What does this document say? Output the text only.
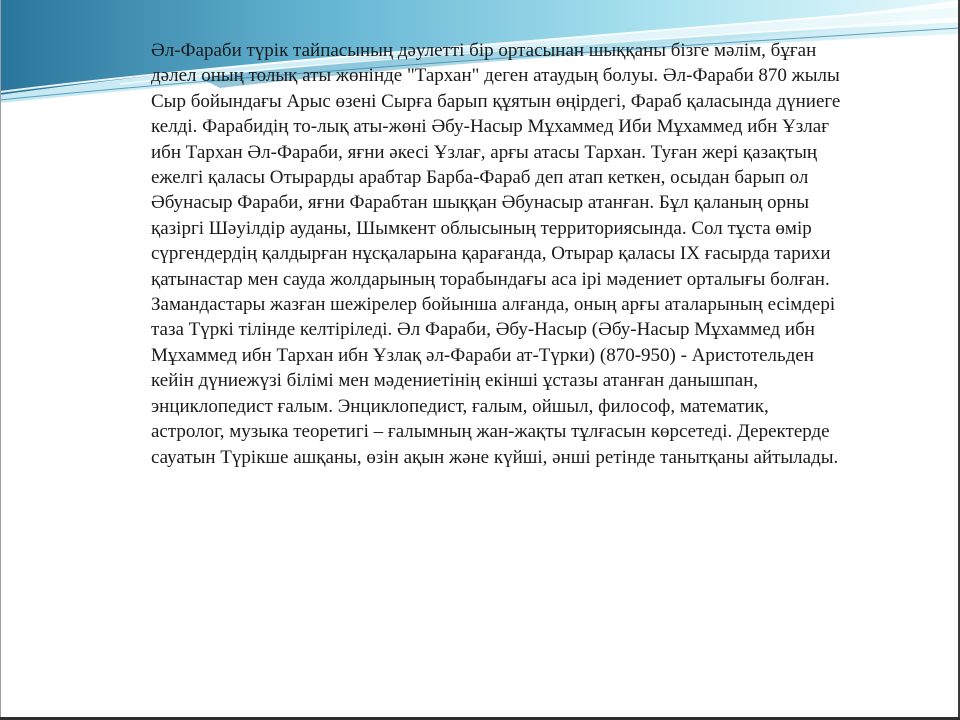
Әл-Фараби түрік тайпасының дәулетті бір ортасынан шыққаны бізге мәлім, бұған
дәлел оның толық аты жөнінде "Тархан" деген атаудың болуы. Әл-Фараби 870 жылы
Сыр бойындағы Арыс өзені Сырға барып құятын өңірдегі, Фараб қаласында дүниеге
келді. Фарабидің то-лық аты-жөні Әбу-Насыр Мұхаммед Иби Мұхаммед ибн Ұзлағ
ибн Тархан Әл-Фараби, яғни әкесі Ұзлағ, арғы атасы Тархан. Туған жері қазақтың
ежелгі қаласы Отырарды арабтар Барба-Фараб деп атап кеткен, осыдан барып ол
Әбунасыр Фараби, яғни Фарабтан шыққан Әбунасыр атанған. Бұл қаланың орны
қазіргі Шәуілдір ауданы, Шымкент облысының территориясында. Сол тұста өмір
сүргендердің қалдырған нұсқаларына қарағанда, Отырар қаласы IX ғасырда тарихи
қатынастар мен сауда жолдарының торабындағы аса ірі мәдениет орталығы болған.
Замандастары жазған шежірелер бойынша алғанда, оның арғы аталарының есімдері
таза Түркі тілінде келтіріледі. Әл Фараби, Әбу-Насыр (Әбу-Насыр Мұхаммед ибн
Мұхаммед ибн Тархан ибн Ұзлақ әл-Фараби ат-Түрки) (870-950) - Аристотельден
кейін дүниежүзі білімі мен мәдениетінің екінші ұстазы атанған данышпан,
энциклопедист ғалым. Энциклопедист, ғалым, ойшыл, философ, математик,
астролог, музыка теоретигі – ғалымның жан-жақты тұлғасын көрсетеді. Деректерде
сауатын Түрікше ашқаны, өзін ақын және күйші, әнші ретінде танытқаны айтылады.
